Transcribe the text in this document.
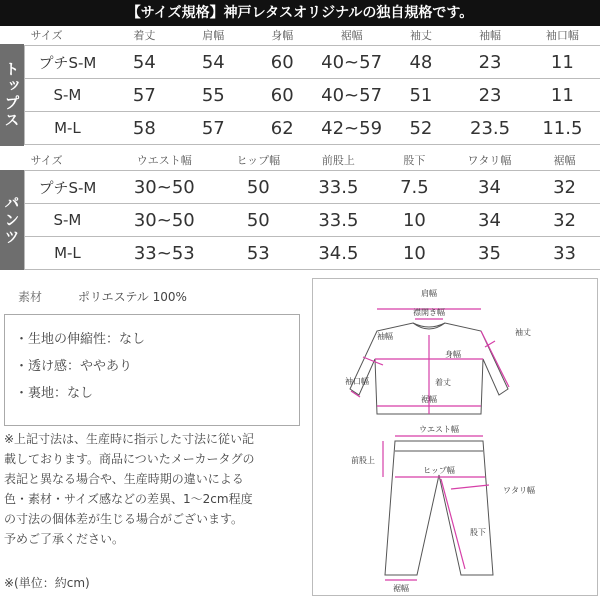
【サイズ規格】神戸レタスオリジナルの独自規格です。
トップス
サイズ	着丈	肩幅	身幅	裾幅	袖丈	袖幅	袖口幅
プチS-M	54	54	60	40~57	48	23	11
S-M	57	55	60	40~57	51	23	11
M-L	58	57	62	42~59	52	23.5	11.5
パンツ
サイズ	ウエスト幅	ヒップ幅	前股上	股下	ワタリ幅	裾幅
プチS-M	30~50	50	33.5	7.5	34	32
S-M	30~50	50	33.5	10	34	32
M-L	33~53	53	34.5	10	35	33
素材	ポリエステル 100%
・生地の伸縮性：なし
・透け感：ややあり
・裏地：なし
※上記寸法は、生産時に指示した寸法に従い記
載しております。商品についたメーカータグの
表記と異なる場合や、生産時期の違いによる
色・素材・サイズ感などの差異、1～2cm程度
の寸法の個体差が生じる場合がございます。
予めご了承ください。
※(単位：約cm)
肩幅
襟開き幅
袖幅	袖丈
身幅
着丈
裾幅
袖口幅
ウエスト幅
ヒップ幅
前股上
ワタリ幅
股下
裾幅
